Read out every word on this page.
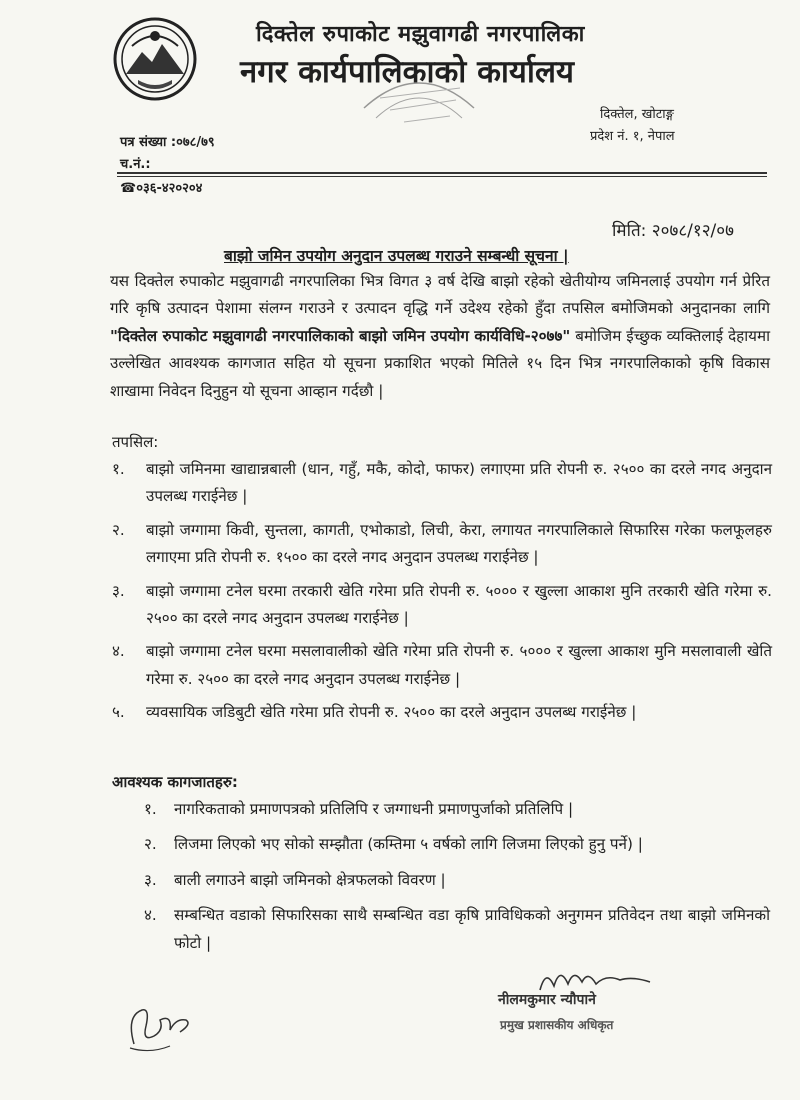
दिक्तेल रुपाकोट मझुवागढी नगरपालिका
नगर कार्यपालिकाको कार्यालय
दिक्तेल, खोटाङ्ग
प्रदेश नं. १, नेपाल
पत्र संख्या :०७८/७९
च.नं.:
☎०३६-४२०२०४
मिति: २०७८/१२/०७
बाझो जमिन उपयोग अनुदान उपलब्ध गराउने सम्बन्धी सूचना |
यस दिक्तेल रुपाकोट मझुवागढी नगरपालिका भित्र विगत ३ वर्ष देखि बाझो रहेको खेतीयोग्य जमिनलाई उपयोग गर्न प्रेरित गरि कृषि उत्पादन पेशामा संलग्न गराउने र उत्पादन वृद्धि गर्ने उदेश्य रहेको हुँदा तपसिल बमोजिमको अनुदानका लागि "दिक्तेल रुपाकोट मझुवागढी नगरपालिकाको बाझो जमिन उपयोग कार्यविधि-२०७७" बमोजिम ईच्छुक व्यक्तिलाई देहायमा उल्लेखित आवश्यक कागजात सहित यो सूचना प्रकाशित भएको मितिले १५ दिन भित्र नगरपालिकाको कृषि विकास शाखामा निवेदन दिनुहुन यो सूचना आव्हान गर्दछौ |
तपसिल:
१. बाझो जमिनमा खाद्यान्नबाली (धान, गहुँ, मकै, कोदो, फाफर) लगाएमा प्रति रोपनी रु. २५०० का दरले नगद अनुदान उपलब्ध गराईनेछ |
२. बाझो जग्गामा किवी, सुन्तला, कागती, एभोकाडो, लिची, केरा, लगायत नगरपालिकाले सिफारिस गरेका फलफूलहरु लगाएमा प्रति रोपनी रु. १५०० का दरले नगद अनुदान उपलब्ध गराईनेछ |
३. बाझो जग्गामा टनेल घरमा तरकारी खेति गरेमा प्रति रोपनी रु. ५००० र खुल्ला आकाश मुनि तरकारी खेति गरेमा रु. २५०० का दरले नगद अनुदान उपलब्ध गराईनेछ |
४. बाझो जग्गामा टनेल घरमा मसलावालीको खेति गरेमा प्रति रोपनी रु. ५००० र खुल्ला आकाश मुनि मसलावाली खेति गरेमा रु. २५०० का दरले नगद अनुदान उपलब्ध गराईनेछ |
५. व्यवसायिक जडिबुटी खेति गरेमा प्रति रोपनी रु. २५०० का दरले अनुदान उपलब्ध गराईनेछ |
आवश्यक कागजातहरु:
१. नागरिकताको प्रमाणपत्रको प्रतिलिपि र जग्गाधनी प्रमाणपुर्जाको प्रतिलिपि |
२. लिजमा लिएको भए सोको सम्झौता (कम्तिमा ५ वर्षको लागि लिजमा लिएको हुनु पर्ने) |
३. बाली लगाउने बाझो जमिनको क्षेत्रफलको विवरण |
४. सम्बन्धित वडाको सिफारिसका साथै सम्बन्धित वडा कृषि प्राविधिकको अनुगमन प्रतिवेदन तथा बाझो जमिनको फोटो |
नीलमकुमार न्यौपाने
प्रमुख प्रशासकीय अधिकृत
